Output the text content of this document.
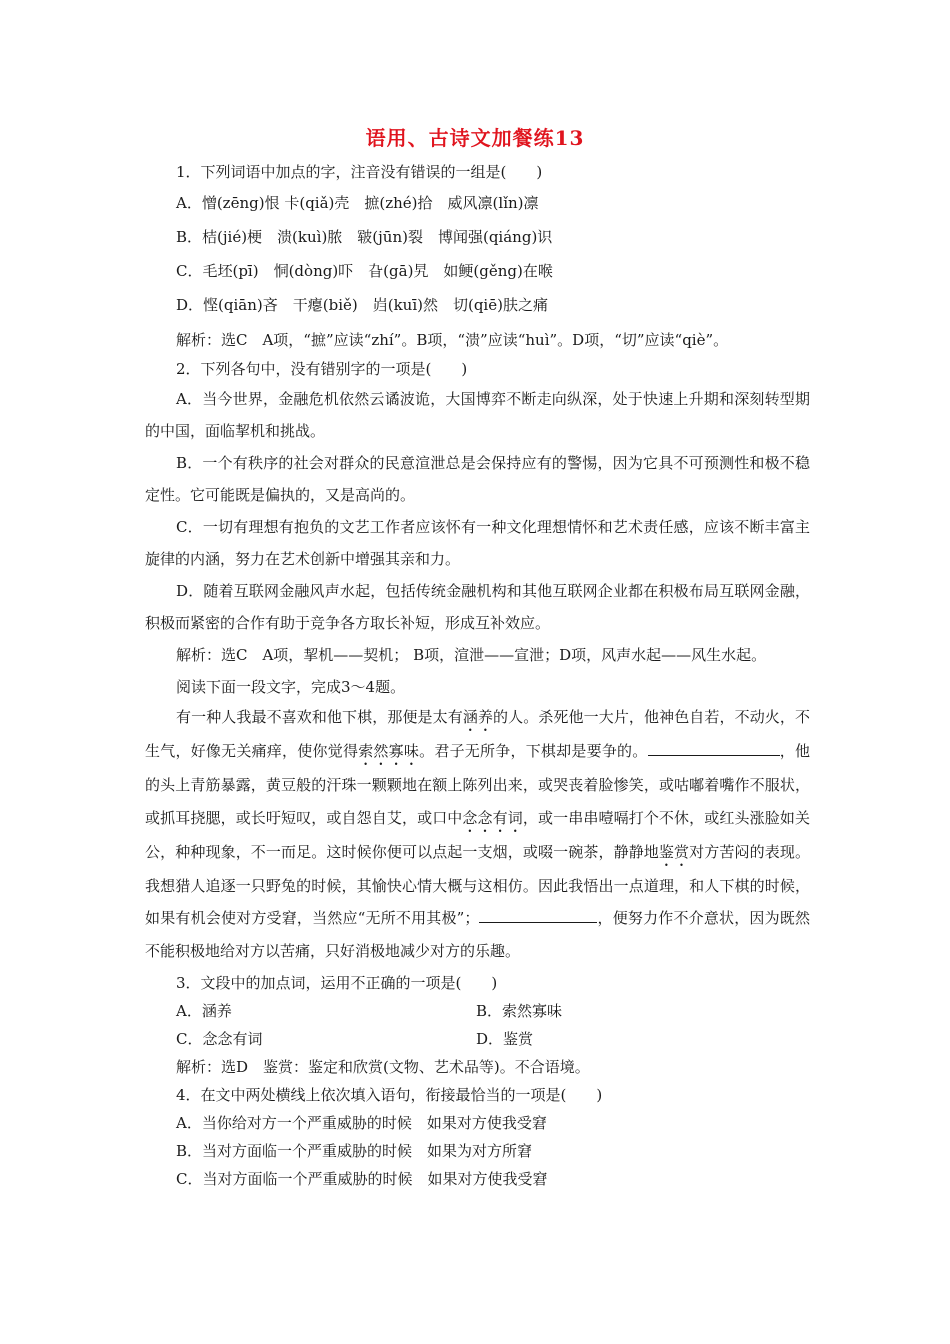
语用、古诗文加餐练13

1．下列词语中加点的字，注音没有错误的一组是(　　)

A．憎(zēng)恨 卡(qiǎ)壳　摭(zhé)拾　威风凛(lǐn)凛

B．桔(jié)梗　溃(kuì)脓　皲(jūn)裂　博闻强(qiáng)识

C．毛坯(pī)　恫(dòng)吓　旮(gā)旯　如鲠(gěng)在喉

D．悭(qiān)吝　干瘪(biě)　岿(kuī)然　切(qiē)肤之痛

解析：选C　A项，“摭”应读“zhí”。B项，“溃”应读“huì”。D项，“切”应读“qiè”。

2．下列各句中，没有错别字的一项是(　　)

A．当今世界，金融危机依然云谲波诡，大国博弈不断走向纵深，处于快速上升期和深刻转型期的中国，面临挈机和挑战。

B．一个有秩序的社会对群众的民意渲泄总是会保持应有的警惕，因为它具不可预测性和极不稳定性。它可能既是偏执的，又是高尚的。

C．一切有理想有抱负的文艺工作者应该怀有一种文化理想情怀和艺术责任感，应该不断丰富主旋律的内涵，努力在艺术创新中增强其亲和力。

D．随着互联网金融风声水起，包括传统金融机构和其他互联网企业都在积极布局互联网金融，积极而紧密的合作有助于竞争各方取长补短，形成互补效应。

解析：选C　A项，挈机——契机； B项，渲泄——宣泄；D项，风声水起——风生水起。

阅读下面一段文字，完成3～4题。

有一种人我最不喜欢和他下棋，那便是太有涵养的人。杀死他一大片，他神色自若，不动火，不生气，好像无关痛痒，使你觉得索然寡味。君子无所争，下棋却是要争的。	，他的头上青筋暴露，黄豆般的汗珠一颗颗地在额上陈列出来，或哭丧着脸惨笑，或咕嘟着嘴作不服状，或抓耳挠腮，或长吁短叹，或自怨自艾，或口中念念有词，或一串串噎嗝打个不休，或红头涨脸如关公，种种现象，不一而足。这时候你便可以点起一支烟，或啜一碗茶，静静地鉴赏对方苦闷的表现。我想猎人追逐一只野兔的时候，其愉快心情大概与这相仿。因此我悟出一点道理，和人下棋的时候，如果有机会使对方受窘，当然应“无所不用其极”；	，便努力作不介意状，因为既然不能积极地给对方以苦痛，只好消极地减少对方的乐趣。

3．文段中的加点词，运用不正确的一项是(　　)

A．涵养	B．索然寡味
C．念念有词	D．鉴赏

解析：选D　鉴赏：鉴定和欣赏(文物、艺术品等)。不合语境。

4．在文中两处横线上依次填入语句，衔接最恰当的一项是(　　)

A．当你给对方一个严重威胁的时候　如果对方使我受窘

B．当对方面临一个严重威胁的时候　如果为对方所窘

C．当对方面临一个严重威胁的时候　如果对方使我受窘
